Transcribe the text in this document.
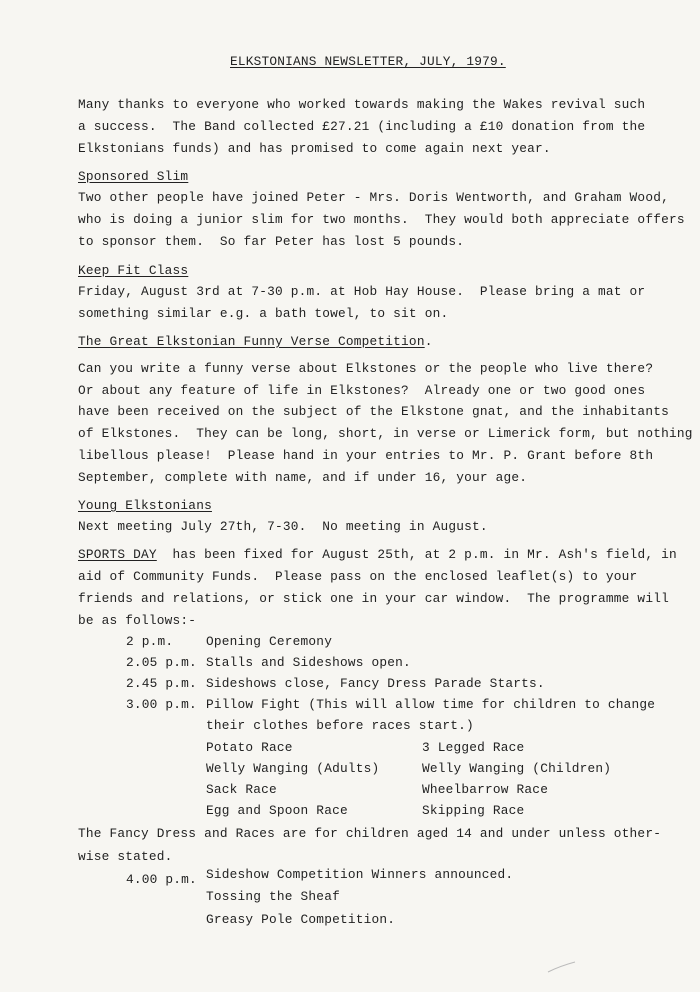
ELKSTONIANS NEWSLETTER, JULY, 1979.
Many thanks to everyone who worked towards making the Wakes revival such
a success.  The Band collected £27.21 (including a £10 donation from the
Elkstonians funds) and has promised to come again next year.
Sponsored Slim
Two other people have joined Peter - Mrs. Doris Wentworth, and Graham Wood,
who is doing a junior slim for two months.  They would both appreciate offers
to sponsor them.  So far Peter has lost 5 pounds.
Keep Fit Class
Friday, August 3rd at 7-30 p.m. at Hob Hay House.  Please bring a mat or
something similar e.g. a bath towel, to sit on.
The Great Elkstonian Funny Verse Competition.
Can you write a funny verse about Elkstones or the people who live there?
Or about any feature of life in Elkstones?  Already one or two good ones
have been received on the subject of the Elkstone gnat, and the inhabitants
of Elkstones.  They can be long, short, in verse or Limerick form, but nothing
libellous please!  Please hand in your entries to Mr. P. Grant before 8th
September, complete with name, and if under 16, your age.
Young Elkstonians
Next meeting July 27th, 7-30.  No meeting in August.
SPORTS DAY  has been fixed for August 25th, at 2 p.m. in Mr. Ash's field, in
aid of Community Funds.  Please pass on the enclosed leaflet(s) to your
friends and relations, or stick one in your car window.  The programme will
be as follows:-
2 p.m.	Opening Ceremony
2.05 p.m. Stalls and Sideshows open.
2.45 p.m. Sideshows close, Fancy Dress Parade Starts.
3.00 p.m. Pillow Fight (This will allow time for children to change
their clothes before races start.)
Potato Race	3 Legged Race
Welly Wanging (Adults)	Welly Wanging (Children)
Sack Race	Wheelbarrow Race
Egg and Spoon Race	Skipping Race
The Fancy Dress and Races are for children aged 14 and under unless other-
wise stated.
4.00 p.m. Sideshow Competition Winners announced.
Tossing the Sheaf
Greasy Pole Competition.
